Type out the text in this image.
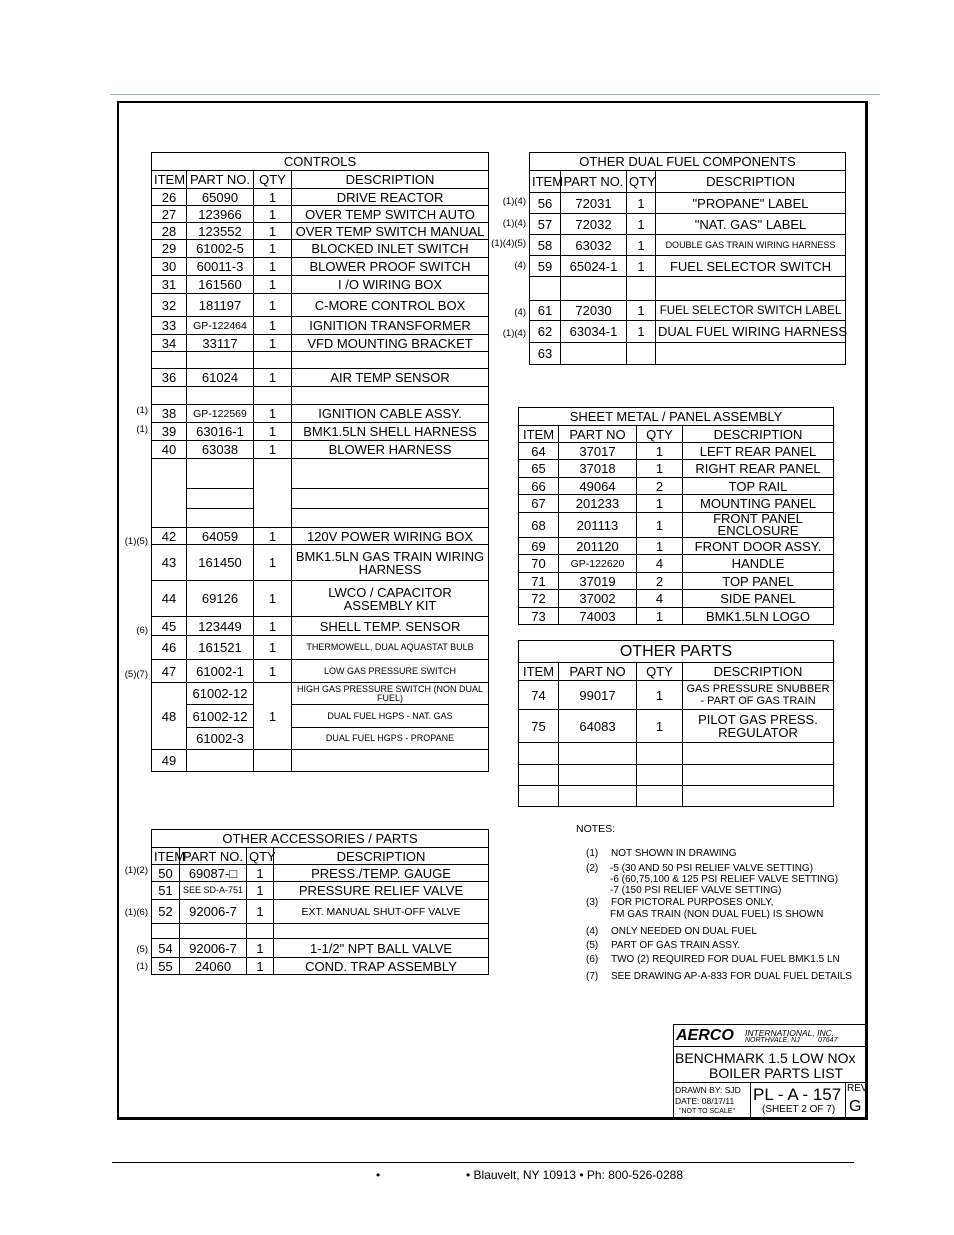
CONTROLS			
ITEM	PART NO.	QTY	DESCRIPTION
26	65090	1	DRIVE REACTOR
27	123966	1	OVER TEMP SWITCH AUTO
28	123552	1	OVER TEMP SWITCH MANUAL
29	61002-5	1	BLOCKED INLET SWITCH
30	60011-3	1	BLOWER PROOF SWITCH
31	161560	1	I /O WIRING BOX
32	181197	1	C-MORE CONTROL BOX
33	GP-122464	1	IGNITION TRANSFORMER
34	33117	1	VFD MOUNTING BRACKET

36	61024	1	AIR TEMP SENSOR

38	GP-122569	1	IGNITION CABLE ASSY.
39	63016-1	1	BMK1.5LN SHELL HARNESS
40	63038	1	BLOWER HARNESS

42	64059	1	120V POWER WIRING BOX
43	161450	1	BMK1.5LN GAS TRAIN WIRING HARNESS
44	69126	1	LWCO / CAPACITOR ASSEMBLY KIT
45	123449	1	SHELL TEMP. SENSOR
46	161521	1	THERMOWELL, DUAL AQUASTAT BULB
47	61002-1	1	LOW GAS PRESSURE SWITCH
48	61002-12	1	HIGH GAS PRESSURE SWITCH (NON DUAL FUEL)
	61002-12		DUAL FUEL HGPS - NAT. GAS
	61002-3		DUAL FUEL HGPS - PROPANE
49			
OTHER DUAL FUEL COMPONENTS			
ITEM	PART NO.	QTY	DESCRIPTION
56	72031	1	"PROPANE" LABEL
57	72032	1	"NAT. GAS" LABEL
58	63032	1	DOUBLE GAS TRAIN WIRING HARNESS
59	65024-1	1	FUEL SELECTOR SWITCH

61	72030	1	FUEL SELECTOR SWITCH LABEL
62	63034-1	1	DUAL FUEL WIRING HARNESS
63			
SHEET METAL / PANEL ASSEMBLY			
ITEM	PART NO	QTY	DESCRIPTION
64	37017	1	LEFT REAR PANEL
65	37018	1	RIGHT REAR PANEL
66	49064	2	TOP RAIL
67	201233	1	MOUNTING PANEL
68	201113	1	FRONT PANEL ENCLOSURE
69	201120	1	FRONT DOOR ASSY.
70	GP-122620	4	HANDLE
71	37019	2	TOP PANEL
72	37002	4	SIDE PANEL
73	74003	1	BMK1.5LN LOGO
OTHER PARTS			
ITEM	PART NO	QTY	DESCRIPTION
74	99017	1	GAS PRESSURE SNUBBER - PART OF GAS TRAIN
75	64083	1	PILOT GAS PRESS. REGULATOR

OTHER ACCESSORIES / PARTS			
ITEM	PART NO.	QTY	DESCRIPTION
50	69087-□	1	PRESS./TEMP. GAUGE
51	SEE SD-A-751	1	PRESSURE RELIEF VALVE
52	92006-7	1	EXT. MANUAL SHUT-OFF VALVE

54	92006-7	1	1-1/2" NPT BALL VALVE
55	24060	1	COND. TRAP ASSEMBLY
(1)
(1)
(1)(5)
(6)
(5)(7)
(1)(4)
(1)(4)
(1)(4)(5)
(4)
(4)
(1)(4)
(1)(2)
(1)(6)
(5)
(1)
NOTES:
(1) NOT SHOWN IN DRAWING
(2) -5 (30 AND 50 PSI RELIEF VALVE SETTING)
-6 (60,75,100 & 125 PSI RELIEF VALVE SETTING)
-7 (150 PSI RELIEF VALVE SETTING)
(3) FOR PICTORAL PURPOSES ONLY,
FM GAS TRAIN (NON DUAL FUEL) IS SHOWN
(4) ONLY NEEDED ON DUAL FUEL
(5) PART OF GAS TRAIN ASSY.
(6) TWO (2) REQUIRED FOR DUAL FUEL BMK1.5 LN
(7) SEE DRAWING AP-A-833 FOR DUAL FUEL DETAILS
AERCO INTERNATIONAL, INC.
NORTHVALE, NJ	07647
BENCHMARK 1.5 LOW NOx
BOILER PARTS LIST
DRAWN BY: SJD
DATE: 08/17/11
"NOT TO SCALE"
PL - A - 157
(SHEET 2 OF 7)
REV
G
•	• Blauvelt, NY 10913 • Ph: 800-526-0288
